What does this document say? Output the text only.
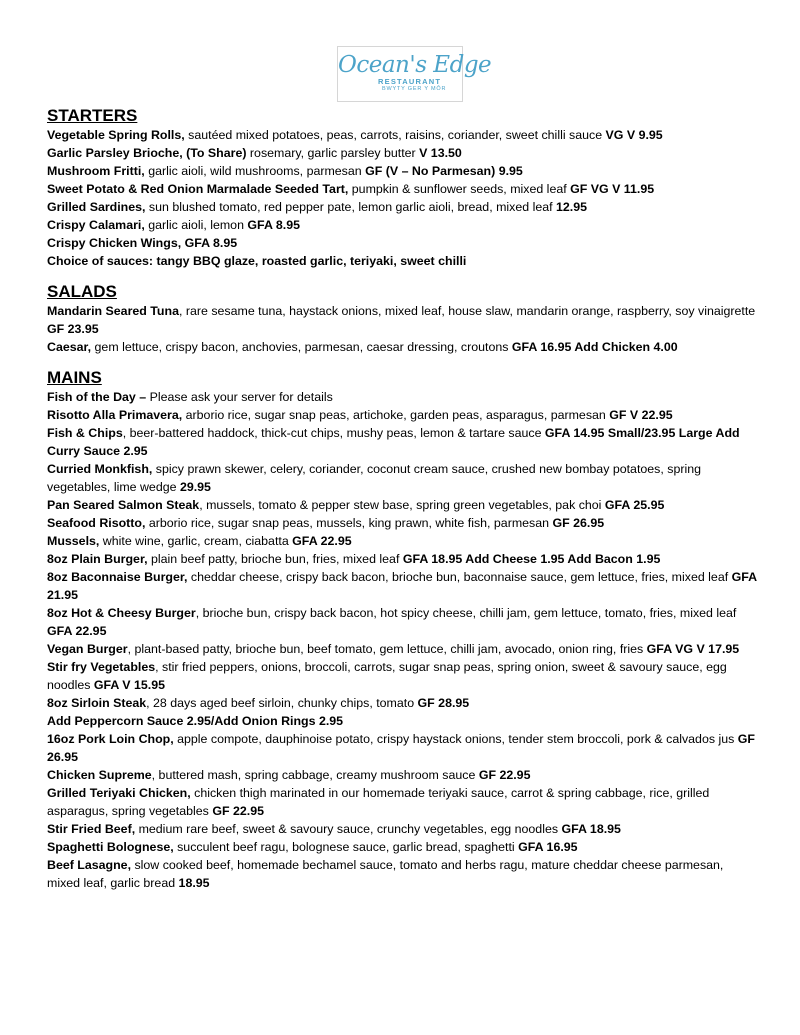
Ocean's Edge
RESTAURANT
BWYTY GER Y MÔR
STARTERS

Vegetable Spring Rolls, sautéed mixed potatoes, peas, carrots, raisins, coriander, sweet chilli sauce VG V 9.95

Garlic Parsley Brioche, (To Share) rosemary, garlic parsley butter V 13.50

Mushroom Fritti, garlic aioli, wild mushrooms, parmesan GF (V – No Parmesan) 9.95

Sweet Potato & Red Onion Marmalade Seeded Tart, pumpkin & sunflower seeds, mixed leaf GF VG V 11.95

Grilled Sardines, sun blushed tomato, red pepper pate, lemon garlic aioli, bread, mixed leaf 12.95

Crispy Calamari, garlic aioli, lemon GFA 8.95

Crispy Chicken Wings, GFA 8.95

Choice of sauces: tangy BBQ glaze, roasted garlic, teriyaki, sweet chilli

SALADS

Mandarin Seared Tuna, rare sesame tuna, haystack onions, mixed leaf, house slaw, mandarin orange, raspberry, soy vinaigrette GF 23.95

Caesar, gem lettuce, crispy bacon, anchovies, parmesan, caesar dressing, croutons GFA 16.95 Add Chicken 4.00

MAINS

Fish of the Day – Please ask your server for details

Risotto Alla Primavera, arborio rice, sugar snap peas, artichoke, garden peas, asparagus, parmesan GF V 22.95

Fish & Chips, beer-battered haddock, thick-cut chips, mushy peas, lemon & tartare sauce GFA 14.95 Small/23.95 Large Add Curry Sauce 2.95

Curried Monkfish, spicy prawn skewer, celery, coriander, coconut cream sauce, crushed new bombay potatoes, spring vegetables, lime wedge 29.95

Pan Seared Salmon Steak, mussels, tomato & pepper stew base, spring green vegetables, pak choi GFA 25.95

Seafood Risotto, arborio rice, sugar snap peas, mussels, king prawn, white fish, parmesan GF 26.95

Mussels, white wine, garlic, cream, ciabatta GFA 22.95

8oz Plain Burger, plain beef patty, brioche bun, fries, mixed leaf GFA 18.95 Add Cheese 1.95 Add Bacon 1.95

8oz Baconnaise Burger, cheddar cheese, crispy back bacon, brioche bun, baconnaise sauce, gem lettuce, fries, mixed leaf GFA 21.95

8oz Hot & Cheesy Burger, brioche bun, crispy back bacon, hot spicy cheese, chilli jam, gem lettuce, tomato, fries, mixed leaf GFA 22.95

Vegan Burger, plant-based patty, brioche bun, beef tomato, gem lettuce, chilli jam, avocado, onion ring, fries GFA VG V 17.95

Stir fry Vegetables, stir fried peppers, onions, broccoli, carrots, sugar snap peas, spring onion, sweet & savoury sauce, egg noodles GFA V 15.95

8oz Sirloin Steak, 28 days aged beef sirloin, chunky chips, tomato GF 28.95

Add Peppercorn Sauce 2.95/Add Onion Rings 2.95

16oz Pork Loin Chop, apple compote, dauphinoise potato, crispy haystack onions, tender stem broccoli, pork & calvados jus GF 26.95

Chicken Supreme, buttered mash, spring cabbage, creamy mushroom sauce GF 22.95

Grilled Teriyaki Chicken, chicken thigh marinated in our homemade teriyaki sauce, carrot & spring cabbage, rice, grilled asparagus, spring vegetables GF 22.95

Stir Fried Beef, medium rare beef, sweet & savoury sauce, crunchy vegetables, egg noodles GFA 18.95

Spaghetti Bolognese, succulent beef ragu, bolognese sauce, garlic bread, spaghetti GFA 16.95

Beef Lasagne, slow cooked beef, homemade bechamel sauce, tomato and herbs ragu, mature cheddar cheese parmesan, mixed leaf, garlic bread 18.95
